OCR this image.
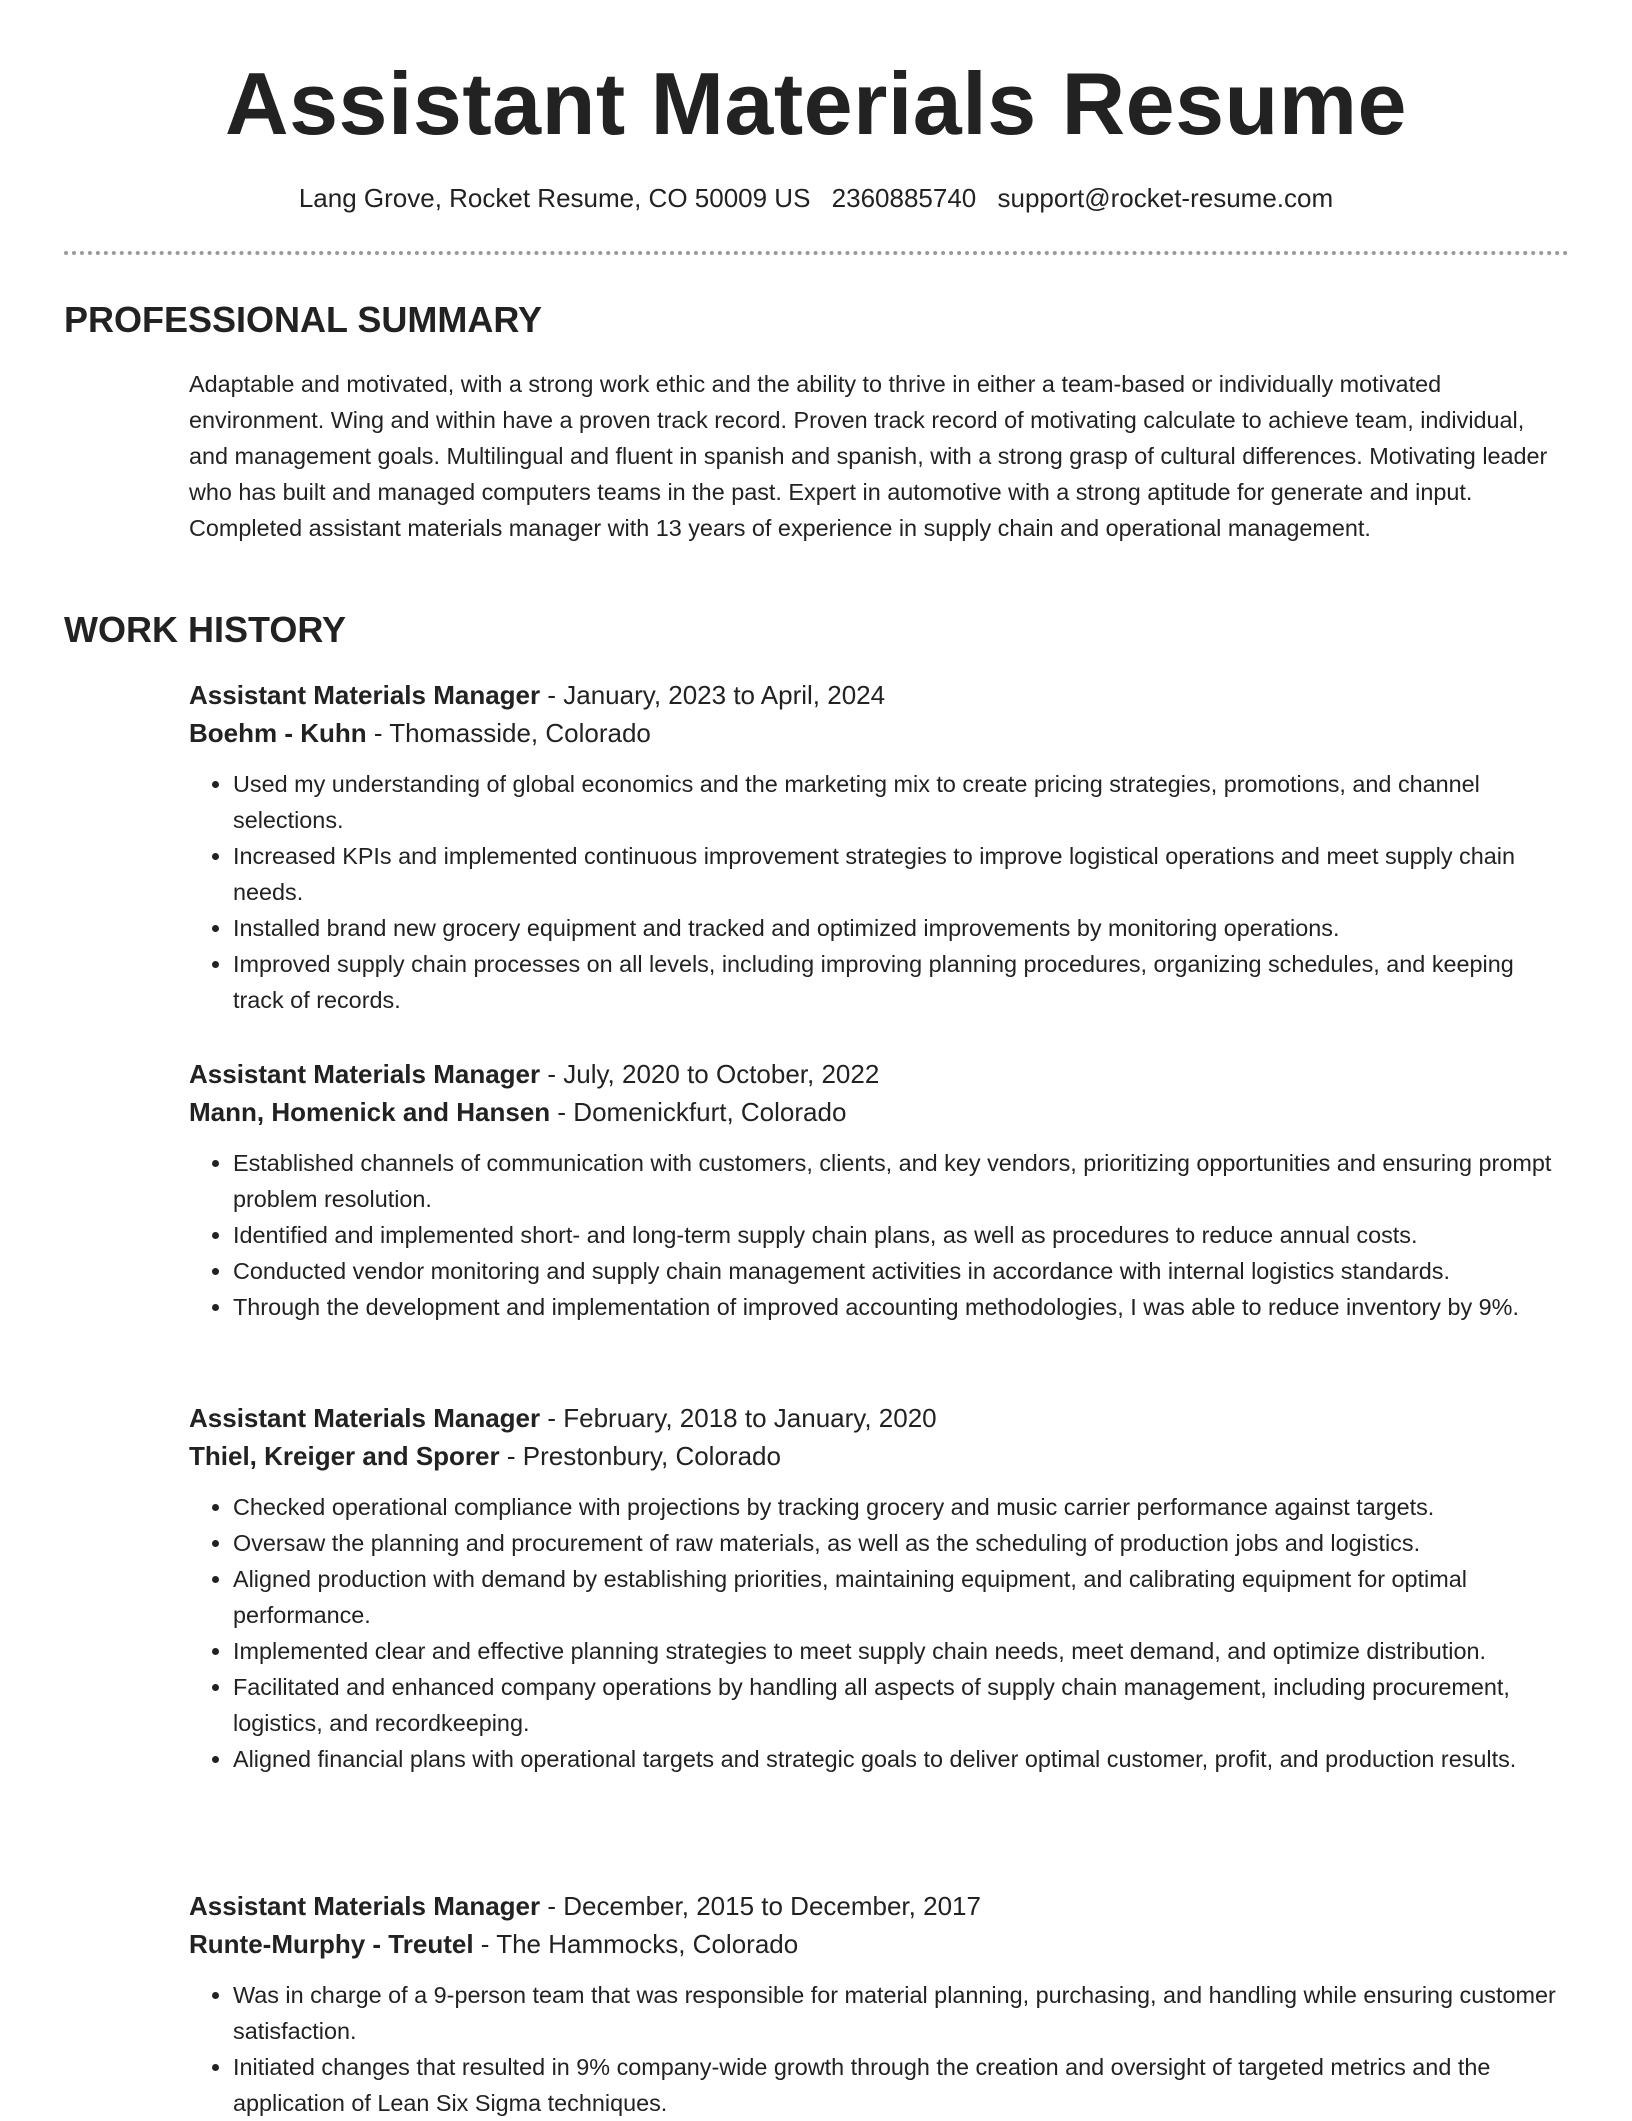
Assistant Materials Resume
Lang Grove, Rocket Resume, CO 50009 US 2360885740 support@rocket-resume.com
PROFESSIONAL SUMMARY

Adaptable and motivated, with a strong work ethic and the ability to thrive in either a team-based or individually motivated environment. Wing and within have a proven track record. Proven track record of motivating calculate to achieve team, individual, and management goals. Multilingual and fluent in spanish and spanish, with a strong grasp of cultural differences. Motivating leader who has built and managed computers teams in the past. Expert in automotive with a strong aptitude for generate and input. Completed assistant materials manager with 13 years of experience in supply chain and operational management.

WORK HISTORY
Assistant Materials Manager - January, 2023 to April, 2024
Boehm - Kuhn - Thomasside, Colorado
• Used my understanding of global economics and the marketing mix to create pricing strategies, promotions, and channel selections.
• Increased KPIs and implemented continuous improvement strategies to improve logistical operations and meet supply chain needs.
• Installed brand new grocery equipment and tracked and optimized improvements by monitoring operations.
• Improved supply chain processes on all levels, including improving planning procedures, organizing schedules, and keeping track of records.
Assistant Materials Manager - July, 2020 to October, 2022
Mann, Homenick and Hansen - Domenickfurt, Colorado
• Established channels of communication with customers, clients, and key vendors, prioritizing opportunities and ensuring prompt problem resolution.
• Identified and implemented short- and long-term supply chain plans, as well as procedures to reduce annual costs.
• Conducted vendor monitoring and supply chain management activities in accordance with internal logistics standards.
• Through the development and implementation of improved accounting methodologies, I was able to reduce inventory by 9%.
Assistant Materials Manager - February, 2018 to January, 2020
Thiel, Kreiger and Sporer - Prestonbury, Colorado
• Checked operational compliance with projections by tracking grocery and music carrier performance against targets.
• Oversaw the planning and procurement of raw materials, as well as the scheduling of production jobs and logistics.
• Aligned production with demand by establishing priorities, maintaining equipment, and calibrating equipment for optimal performance.
• Implemented clear and effective planning strategies to meet supply chain needs, meet demand, and optimize distribution.
• Facilitated and enhanced company operations by handling all aspects of supply chain management, including procurement, logistics, and recordkeeping.
• Aligned financial plans with operational targets and strategic goals to deliver optimal customer, profit, and production results.
Assistant Materials Manager - December, 2015 to December, 2017
Runte-Murphy - Treutel - The Hammocks, Colorado
• Was in charge of a 9-person team that was responsible for material planning, purchasing, and handling while ensuring customer satisfaction.
• Initiated changes that resulted in 9% company-wide growth through the creation and oversight of targeted metrics and the application of Lean Six Sigma techniques.
